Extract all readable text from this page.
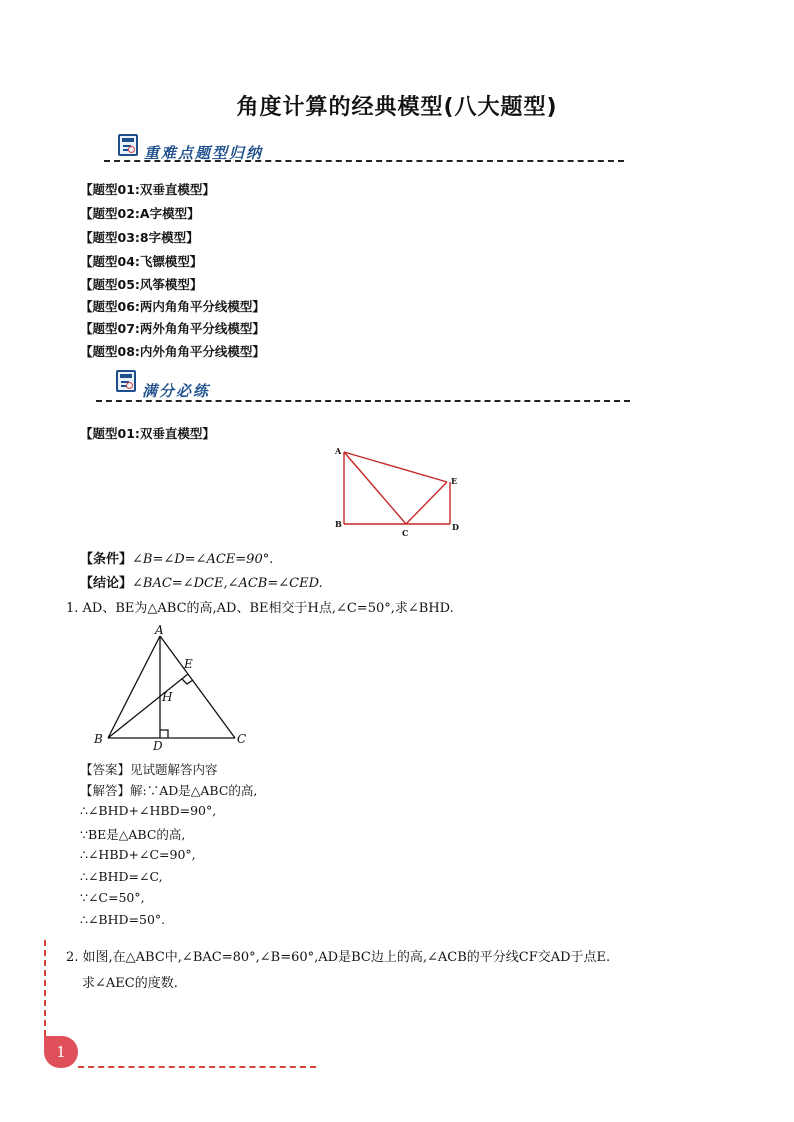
角度计算的经典模型(八大题型)
重难点题型归纳
【题型01:双垂直模型】
【题型02:A字模型】
【题型03:8字模型】
【题型04:飞镖模型】
【题型05:风筝模型】
【题型06:两内角角平分线模型】
【题型07:两外角角平分线模型】
【题型08:内外角角平分线模型】
满分必练
【题型01:双垂直模型】
A
B
C
D
E
【条件】∠B=∠D=∠ACE=90°.
【结论】∠BAC=∠DCE,∠ACB=∠CED.
1. AD、BE为△ABC的高,AD、BE相交于H点,∠C=50°,求∠BHD.
A
B	C
D
E
H
【答案】见试题解答内容
【解答】解:∵AD是△ABC的高,
∴∠BHD+∠HBD=90°,
∵BE是△ABC的高,
∴∠HBD+∠C=90°,
∴∠BHD=∠C,
∵∠C=50°,
∴∠BHD=50°.
2. 如图,在△ABC中,∠BAC=80°,∠B=60°,AD是BC边上的高,∠ACB的平分线CF交AD于点E.
求∠AEC的度数.
1
